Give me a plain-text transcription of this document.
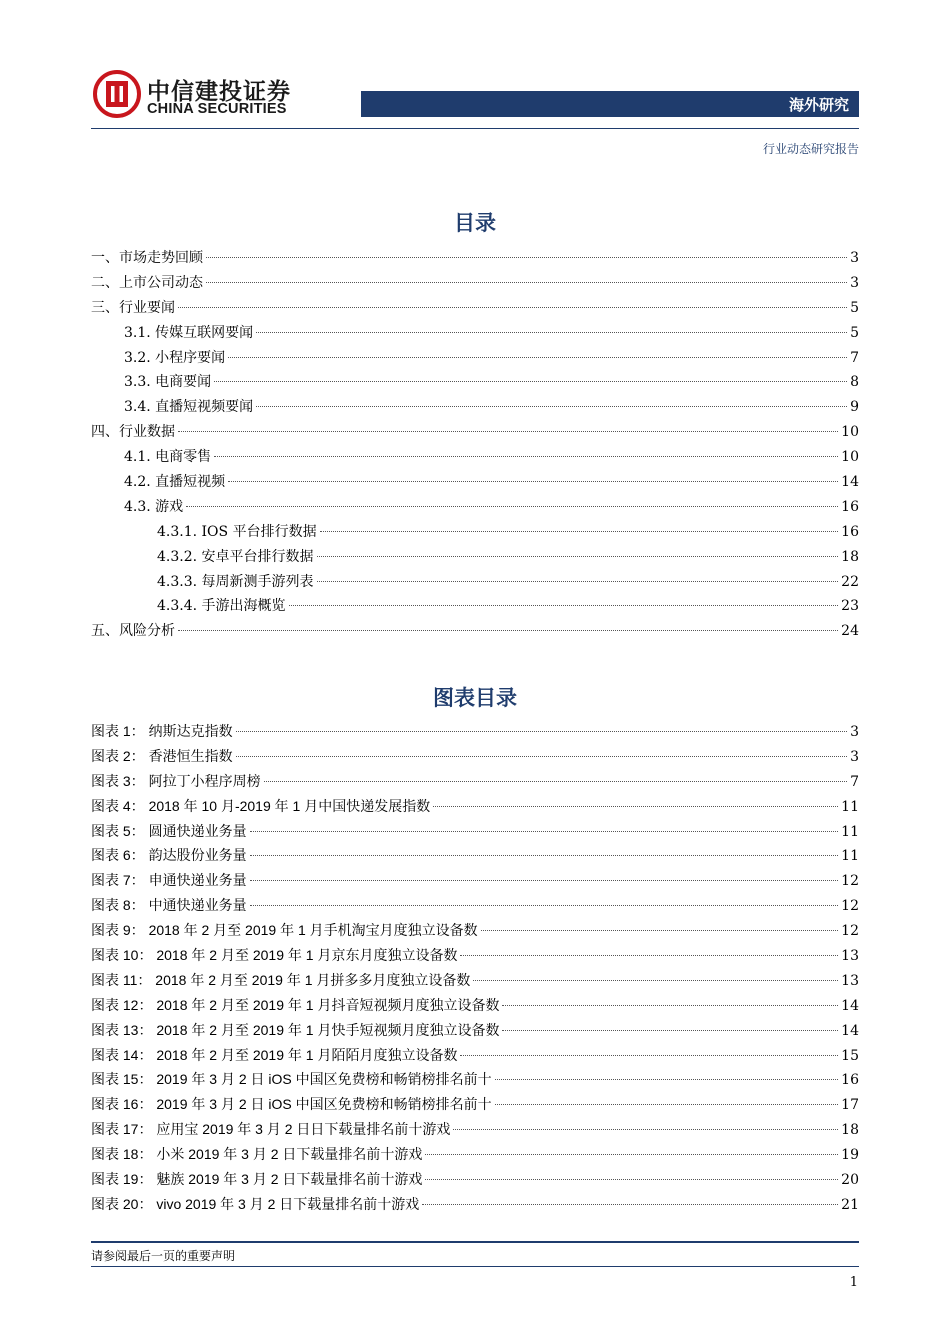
中信建投证券
CHINA SECURITIES	海外研究
行业动态研究报告
目录
一、市场走势回顾	3
二、上市公司动态	3
三、行业要闻	5
3.1. 传媒互联网要闻	5
3.2. 小程序要闻	7
3.3. 电商要闻	8
3.4. 直播短视频要闻	9
四、行业数据	10
4.1. 电商零售	10
4.2. 直播短视频	14
4.3. 游戏	16
4.3.1. IOS 平台排行数据	16
4.3.2. 安卓平台排行数据	18
4.3.3. 每周新测手游列表	22
4.3.4. 手游出海概览	23
五、风险分析	24
图表目录
图表 1： 纳斯达克指数	3
图表 2： 香港恒生指数	3
图表 3： 阿拉丁小程序周榜	7
图表 4： 2018 年 10 月-2019 年 1 月中国快递发展指数	11
图表 5： 圆通快递业务量	11
图表 6： 韵达股份业务量	11
图表 7： 申通快递业务量	12
图表 8： 中通快递业务量	12
图表 9： 2018 年 2 月至 2019 年 1 月手机淘宝月度独立设备数	12
图表 10： 2018 年 2 月至 2019 年 1 月京东月度独立设备数	13
图表 11： 2018 年 2 月至 2019 年 1 月拼多多月度独立设备数	13
图表 12： 2018 年 2 月至 2019 年 1 月抖音短视频月度独立设备数	14
图表 13： 2018 年 2 月至 2019 年 1 月快手短视频月度独立设备数	14
图表 14： 2018 年 2 月至 2019 年 1 月陌陌月度独立设备数	15
图表 15： 2019 年 3 月 2 日 iOS 中国区免费榜和畅销榜排名前十	16
图表 16： 2019 年 3 月 2 日 iOS 中国区免费榜和畅销榜排名前十	17
图表 17： 应用宝 2019 年 3 月 2 日日下载量排名前十游戏	18
图表 18： 小米 2019 年 3 月 2 日下载量排名前十游戏	19
图表 19： 魅族 2019 年 3 月 2 日下载量排名前十游戏	20
图表 20： vivo 2019 年 3 月 2 日下载量排名前十游戏	21
请参阅最后一页的重要声明
1
